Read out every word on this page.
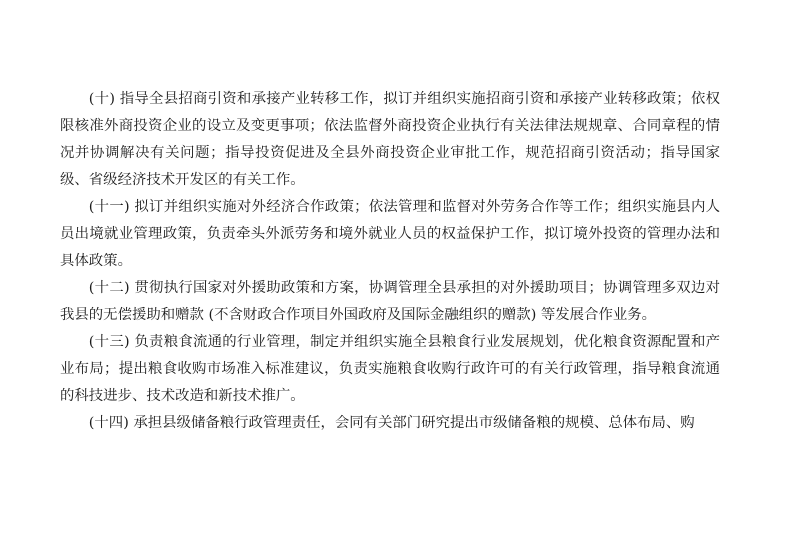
(十) 指导全县招商引资和承接产业转移工作，拟订并组织实施招商引资和承接产业转移政策；依权限核准外商投资企业的设立及变更事项；依法监督外商投资企业执行有关法律法规规章、合同章程的情况并协调解决有关问题；指导投资促进及全县外商投资企业审批工作，规范招商引资活动；指导国家级、省级经济技术开发区的有关工作。

(十一) 拟订并组织实施对外经济合作政策；依法管理和监督对外劳务合作等工作；组织实施县内人员出境就业管理政策，负责牵头外派劳务和境外就业人员的权益保护工作，拟订境外投资的管理办法和具体政策。

(十二) 贯彻执行国家对外援助政策和方案，协调管理全县承担的对外援助项目；协调管理多双边对我县的无偿援助和赠款 (不含财政合作项目外国政府及国际金融组织的赠款) 等发展合作业务。

(十三) 负责粮食流通的行业管理，制定并组织实施全县粮食行业发展规划，优化粮食资源配置和产业布局；提出粮食收购市场准入标准建议，负责实施粮食收购行政许可的有关行政管理，指导粮食流通的科技进步、技术改造和新技术推广。

(十四) 承担县级储备粮行政管理责任，会同有关部门研究提出市级储备粮的规模、总体布局、购
